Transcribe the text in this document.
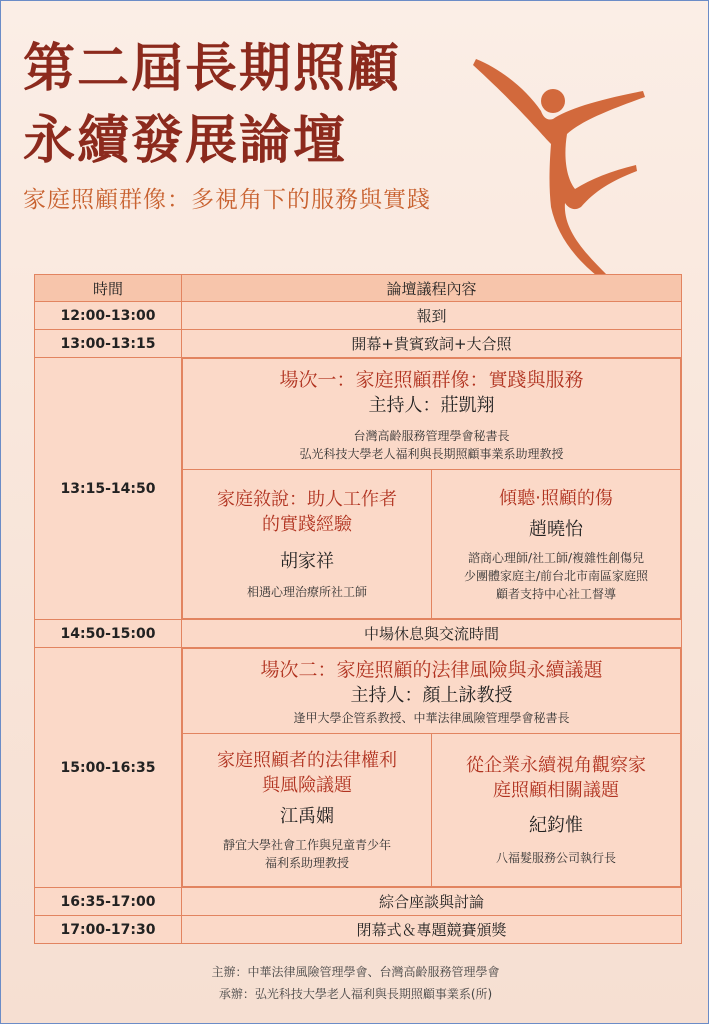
第二屆長期照顧
永續發展論壇
家庭照顧群像：多視角下的服務與實踐
時間	論壇議程內容
12:00-13:00	報到
13:00-13:15	開幕+貴賓致詞+大合照
13:15-14:50	
場次一：家庭照顧群像：實踐與服務
主持人：莊凱翔
台灣高齡服務管理學會秘書長
弘光科技大學老人福利與長期照顧事業系助理教授

家庭敘說：助人工作者
的實踐經驗
胡家祥
相遇心理治療所社工師

傾聽‧照顧的傷
趙曉怡
諮商心理師/社工師/複雜性創傷兒
少團體家庭主/前台北市南區家庭照
顧者支持中心社工督導

14:50-15:00	中場休息與交流時間
15:00-16:35	
場次二：家庭照顧的法律風險與永續議題
主持人：顏上詠教授
逢甲大學企管系教授、中華法律風險管理學會秘書長

家庭照顧者的法律權利
與風險議題
江禹嫻
靜宜大學社會工作與兒童青少年
福利系助理教授

從企業永續視角觀察家
庭照顧相關議題
紀鈞惟
八福髮服務公司執行長

16:35-17:00	綜合座談與討論
17:00-17:30	閉幕式＆專題競賽頒獎
主辦：中華法律風險管理學會、台灣高齡服務管理學會
承辦：弘光科技大學老人福利與長期照顧事業系(所)
